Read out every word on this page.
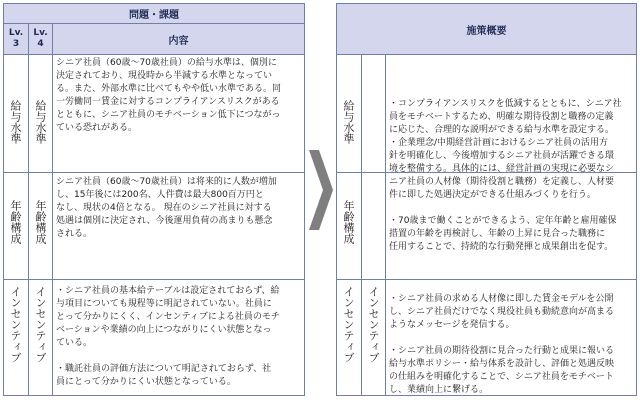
問題・課題
Lv.
3
Lv.
4	内容
給与水準 給与水準
シニア社員（60歳～70歳社員）の給与水準は、個別に
決定されており、現役時から半減する水準となってい
る。また、外部水準に比べてもやや低い水準である。同
一労働同一賃金に対するコンプライアンスリスクがある
とともに、シニア社員のモチベーション低下につながっ
ている恐れがある。
年齢構成 年齢構成
シニア社員（60歳～70歳社員）は将来的に人数が増加
し、15年後には200名、人件費は最大800百万円と
なし、現状の4倍となる。 現在のシニア社員に対する
処遇は個別に決定され、今後運用負荷の高まりも懸念
される。
インセンティブ インセンティブ ・シニア社員の基本給テーブルは設定されておらず、給
与項目についても規程等に明記されていない。社員に
とって分かりにくく、インセンティブによる社員のモチ
ベーションや業績の向上につながりにくい状態となっ
ている。

・職託社員の評価方法について明記されておらず、社
員にとって分かりにくい状態となっている。
施策概要
給与水準
年齢構成
・コンプライアンスリスクを低減するとともに、シニア社
員をモチベートするため、明確な期待役割と職務の定義
に応じた、合理的な説明ができる給与水準を設定する。
・企業理念/中期経営計画におけるシニア社員の活用方
針を明確化し、今後増加するシニア社員が活躍できる環
境を整備する。具体的には、経営計画の実現に必要なシ
ニア社員の人材像（期待役割と職務）を定義し、人材要
件に即した処遇決定ができる仕組みづくりを行う。

・70歳まで働くことができるよう、定年年齢と雇用確保
措置の年齢を再検討し、年齢の上昇に見合った職務に
任用することで、持続的な行動発揮と成果創出を促す。
インセンティブ インセンティブ ・シニア社員の求める人材像に即した賃金モデルを公開
し、シニア社員だけでなく現役社員も動続意向が高まる
ようなメッセージを発信する。

・シニア社員の期待役割に見合った行動と成果に報いる
給与水準ポリシー・給与体系を設計し、評価と処遇反映
の仕組みを明確化することで、シニア社員をモチベート
し、業績向上に繋げる。
